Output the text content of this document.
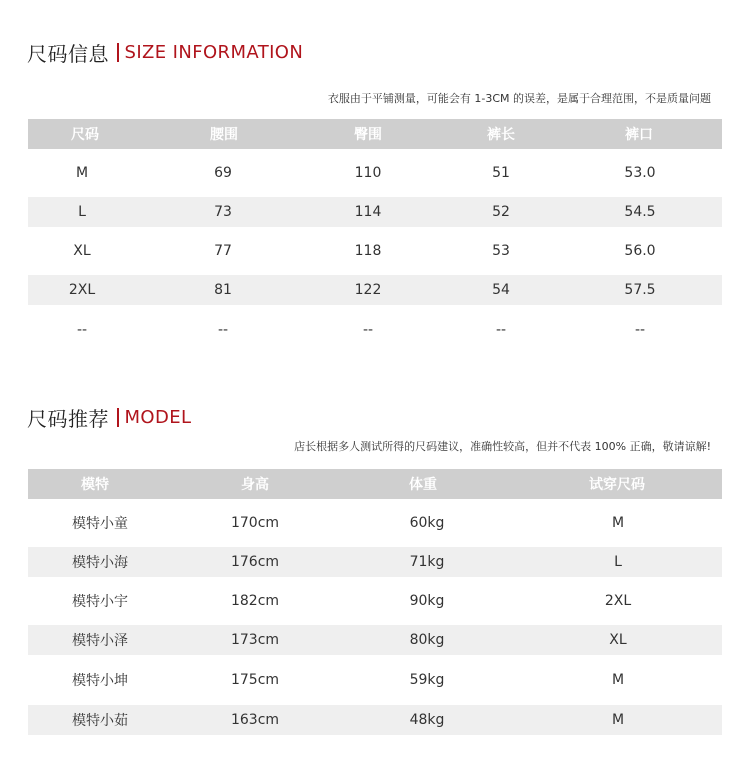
尺码信息 SIZE INFORMATION
衣服由于平铺测量，可能会有 1-3CM 的误差，是属于合理范围，不是质量问题
尺码	腰围	臀围	裤长	裤口
M	69	110	51	53.0
L	73	114	52	54.5
XL	77	118	53	56.0
2XL	81	122	54	57.5
--	--	--	--	--
尺码推荐 MODEL
店长根据多人测试所得的尺码建议，准确性较高，但并不代表 100% 正确，敬请谅解!
模特	身高	体重	试穿尺码
模特小童	170cm	60kg	M
模特小海	176cm	71kg	L
模特小宇	182cm	90kg	2XL
模特小泽	173cm	80kg	XL
模特小坤	175cm	59kg	M
模特小茹	163cm	48kg	M
